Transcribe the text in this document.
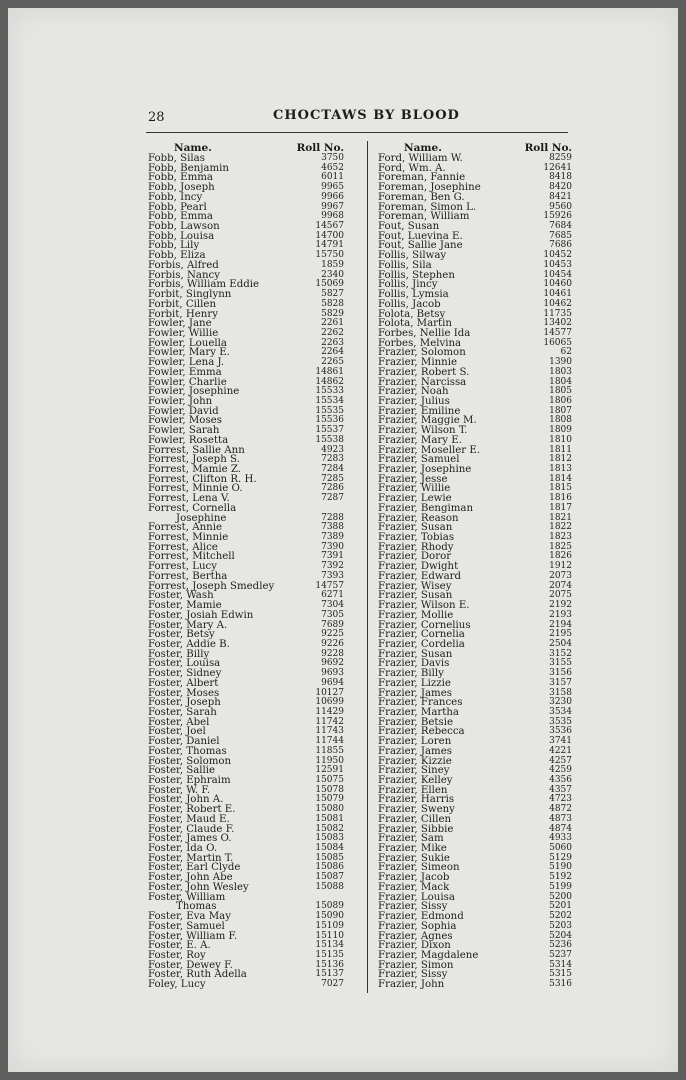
28	CHOCTAWS BY BLOOD
Name.	Roll No.
Fobb, Silas	3750
Fobb, Benjamin	4652
Fobb, Emma	6011
Fobb, Joseph	9965
Fobb, Incy	9966
Fobb, Pearl	9967
Fobb, Emma	9968
Fobb, Lawson	14567
Fobb, Louisa	14700
Fobb, Lily	14791
Fobb, Eliza	15750
Forbis, Alfred	1859
Forbis, Nancy	2340
Forbis, William Eddie	15069
Forbit, Singlynn	5827
Forbit, Cillen	5828
Forbit, Henry	5829
Fowler, Jane	2261
Fowler, Willie	2262
Fowler, Louella	2263
Fowler, Mary E.	2264
Fowler, Lena J.	2265
Fowler, Emma	14861
Fowler, Charlie	14862
Fowler, Josephine	15533
Fowler, John	15534
Fowler, David	15535
Fowler, Moses	15536
Fowler, Sarah	15537
Fowler, Rosetta	15538
Forrest, Sallie Ann	4923
Forrest, Joseph S.	7283
Forrest, Mamie Z.	7284
Forrest, Clifton R. H.	7285
Forrest, Minnie O.	7286
Forrest, Lena V.	7287
Forrest, Cornella
Josephine	7288
Forrest, Annie	7388
Forrest, Minnie	7389
Forrest, Alice	7390
Forrest, Mitchell	7391
Forrest, Lucy	7392
Forrest, Bertha	7393
Forrest, Joseph Smedley	14757
Foster, Wash	6271
Foster, Mamie	7304
Foster, Josiah Edwin	7305
Foster, Mary A.	7689
Foster, Betsy	9225
Foster, Addie B.	9226
Foster, Billy	9228
Foster, Louisa	9692
Foster, Sidney	9693
Foster, Albert	9694
Foster, Moses	10127
Foster, Joseph	10699
Foster, Sarah	11429
Foster, Abel	11742
Foster, Joel	11743
Foster, Daniel	11744
Foster, Thomas	11855
Foster, Solomon	11950
Foster, Sallie	12591
Foster, Ephraim	15075
Foster, W. F.	15078
Foster, John A.	15079
Foster, Robert E.	15080
Foster, Maud E.	15081
Foster, Claude F.	15082
Foster, James O.	15083
Foster, Ida O.	15084
Foster, Martin T.	15085
Foster, Earl Clyde	15086
Foster, John Abe	15087
Foster, John Wesley	15088
Foster, William
Thomas	15089
Foster, Eva May	15090
Foster, Samuel	15109
Foster, William F.	15110
Foster, E. A.	15134
Foster, Roy	15135
Foster, Dewey F.	15136
Foster, Ruth Adella	15137
Foley, Lucy	7027
Name.	Roll No.
Ford, William W.	8259
Ford, Wm. A.	12641
Foreman, Fannie	8418
Foreman, Josephine	8420
Foreman, Ben G.	8421
Foreman, Simon L.	9560
Foreman, William	15926
Fout, Susan	7684
Fout, Luevina E.	7685
Fout, Sallie Jane	7686
Follis, Silway	10452
Follis, Sila	10453
Follis, Stephen	10454
Follis, Jincy	10460
Follis, Lymsia	10461
Follis, Jacob	10462
Folota, Betsy	11735
Folota, Martin	13402
Forbes, Nellie Ida	14577
Forbes, Melvina	16065
Frazier, Solomon	62
Frazier, Minnie	1390
Frazier, Robert S.	1803
Frazier, Narcissa	1804
Frazier, Noah	1805
Frazier, Julius	1806
Frazier, Emiline	1807
Frazier, Maggie M.	1808
Frazier, Wilson T.	1809
Frazier, Mary E.	1810
Frazier, Moseller E.	1811
Frazier, Samuel	1812
Frazier, Josephine	1813
Frazier, Jesse	1814
Frazier, Willie	1815
Frazier, Lewie	1816
Frazier, Bengiman	1817
Frazier, Reason	1821
Frazier, Susan	1822
Frazier, Tobias	1823
Frazier, Rhody	1825
Frazier, Doror	1826
Frazier, Dwight	1912
Frazier, Edward	2073
Frazier, Wisey	2074
Frazier, Susan	2075
Frazier, Wilson E.	2192
Frazier, Mollie	2193
Frazier, Cornelius	2194
Frazier, Cornelia	2195
Frazier, Cordelia	2504
Frazier, Susan	3152
Frazier, Davis	3155
Frazier, Billy	3156
Frazier, Lizzie	3157
Frazier, James	3158
Frazier, Frances	3230
Frazier, Martha	3534
Frazier, Betsie	3535
Frazier, Rebecca	3536
Frazier, Loren	3741
Frazier, James	4221
Frazier, Kizzie	4257
Frazier, Siney	4259
Frazier, Kelley	4356
Frazier, Ellen	4357
Frazier, Harris	4723
Frazier, Sweny	4872
Frazier, Cillen	4873
Frazier, Sibbie	4874
Frazier, Sam	4933
Frazier, Mike	5060
Frazier, Sukie	5129
Frazier, Simeon	5190
Frazier, Jacob	5192
Frazier, Mack	5199
Frazier, Louisa	5200
Frazier, Sissy	5201
Frazier, Edmond	5202
Frazier, Sophia	5203
Frazier, Agnes	5204
Frazier, Dixon	5236
Frazier, Magdalene	5237
Frazier, Simon	5314
Frazier, Sissy	5315
Frazier, John	5316
